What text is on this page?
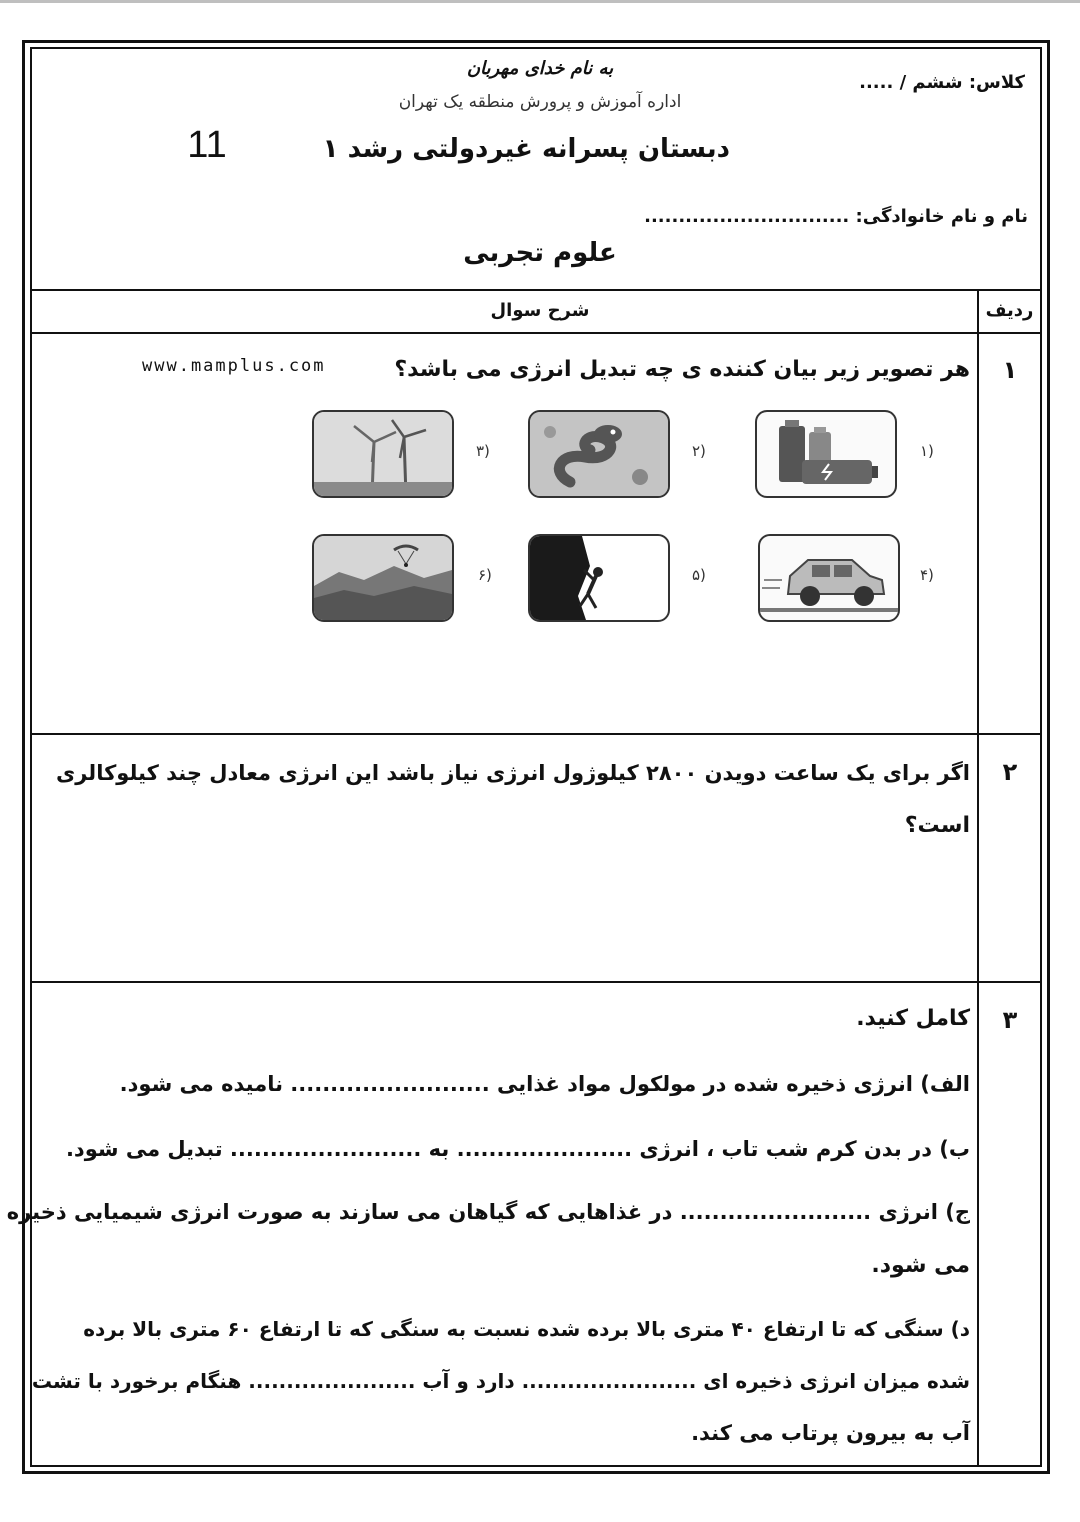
به نام خدای مهربان
اداره آموزش و پرورش منطقه یک تهران
دبستان پسرانه غیردولتی رشد ۱
11
کلاس: ششم / .....
نام و نام خانوادگی: ..............................
علوم تجربی
ردیف
شرح سوال
۱
هر تصویر زیر بیان کننده ی چه تبدیل انرژی می باشد؟
www.mamplus.com
۱)
۲)
۳)
۴)
۵)
۶)
۲
اگر برای یک ساعت دویدن ۲۸۰۰ کیلوژول انرژی نیاز باشد این انرژی معادل چند کیلوکالری
است؟
۳
کامل کنید.
الف) انرژی ذخیره شده در مولکول مواد غذایی ......................... نامیده می شود.
ب) در بدن کرم شب تاب ، انرژی ...................... به ........................ تبدیل می شود.
ج) انرژی ........................ در غذاهایی که گیاهان می سازند به صورت انرژی شیمیایی ذخیره
می شود.
د) سنگی که تا ارتفاع ۴۰ متری بالا برده شده نسبت به سنگی که تا ارتفاع ۶۰ متری بالا برده
شده میزان انرژی ذخیره ای ....................... دارد و آب ...................... هنگام برخورد با تشت
آب به بیرون پرتاب می کند.
